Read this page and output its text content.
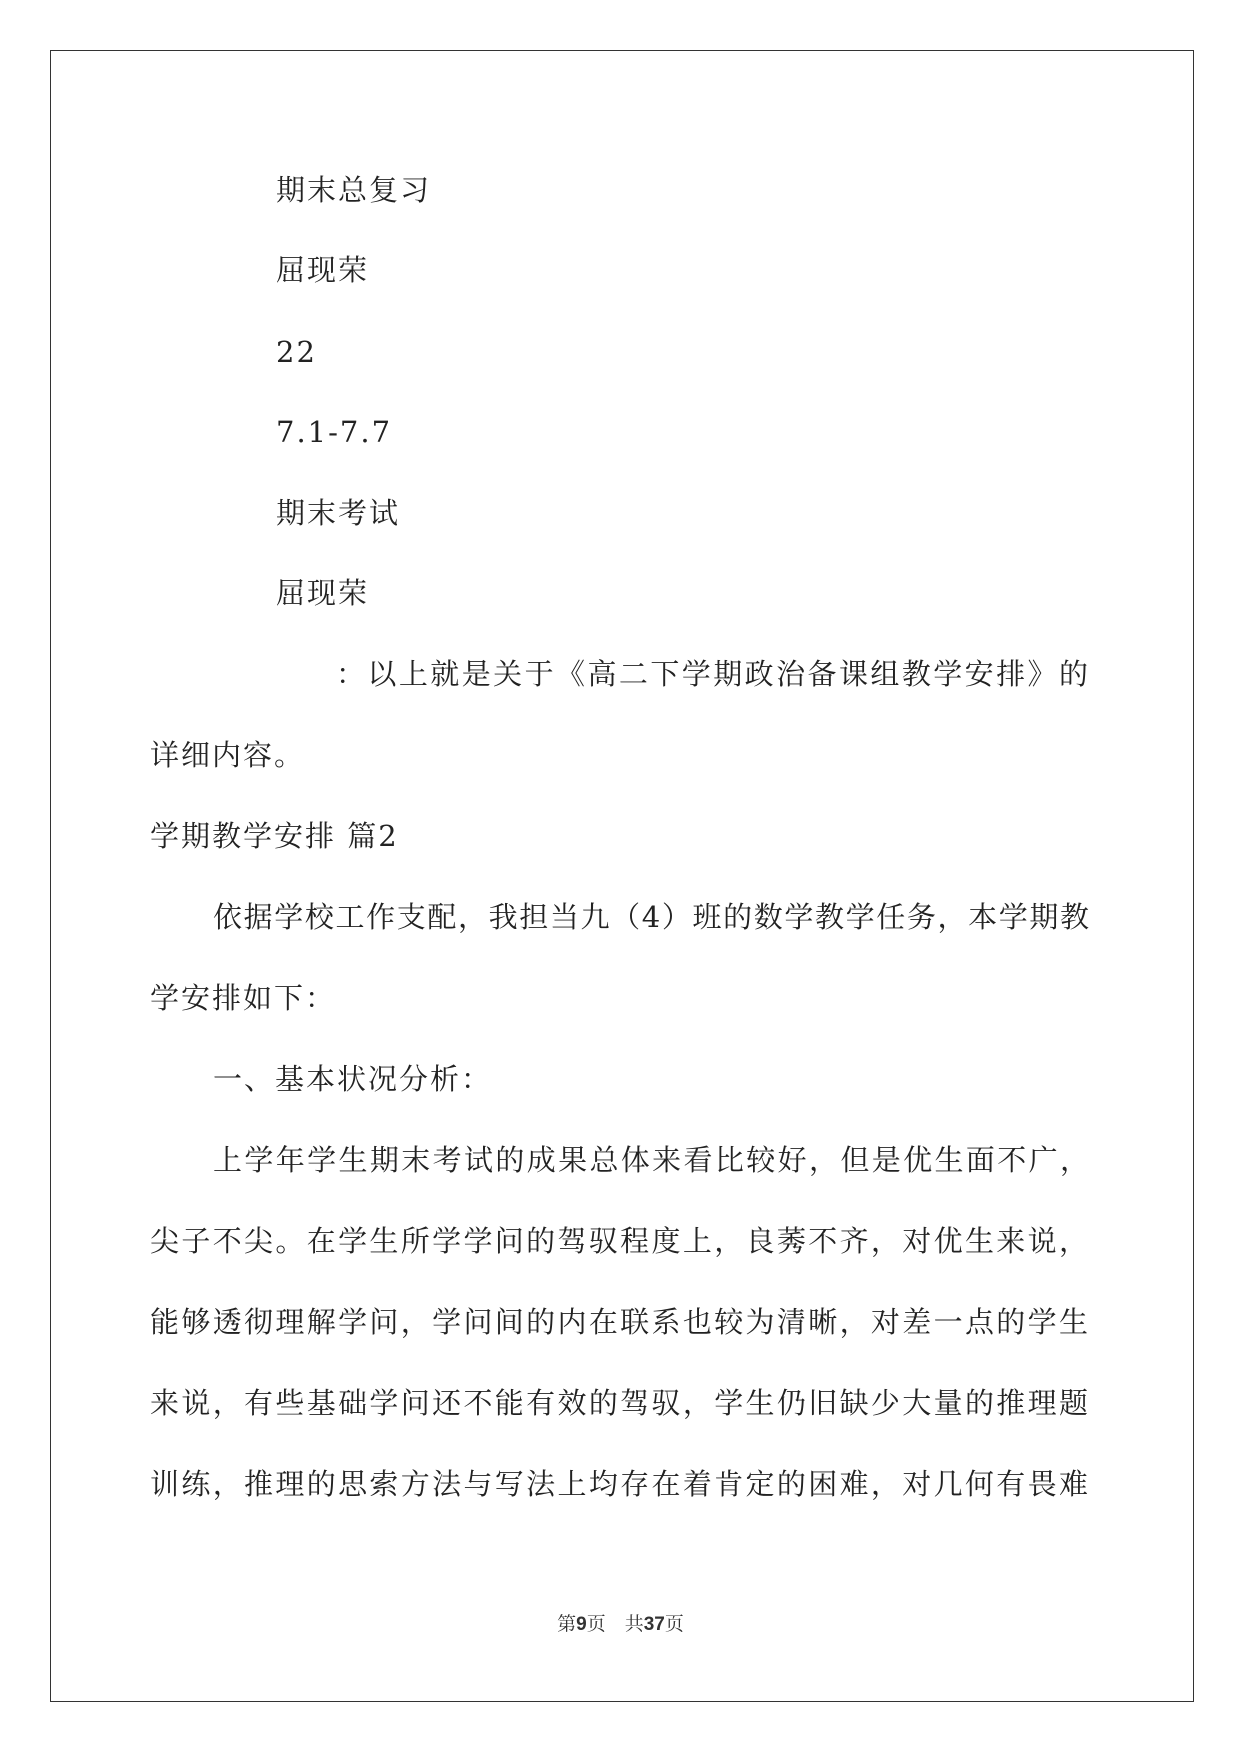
期末总复习
屈现荣
22
7.1-7.7
期末考试
屈现荣
：以上就是关于《高二下学期政治备课组教学安排》的
详细内容。
学期教学安排 篇2
依据学校工作支配，我担当九（4）班的数学教学任务，本学期教
学安排如下：
一、基本状况分析：
上学年学生期末考试的成果总体来看比较好，但是优生面不广，
尖子不尖。在学生所学学问的驾驭程度上，良莠不齐，对优生来说，
能够透彻理解学问，学问间的内在联系也较为清晰，对差一点的学生
来说，有些基础学问还不能有效的驾驭，学生仍旧缺少大量的推理题
训练，推理的思索方法与写法上均存在着肯定的困难，对几何有畏难
第9页　共37页
